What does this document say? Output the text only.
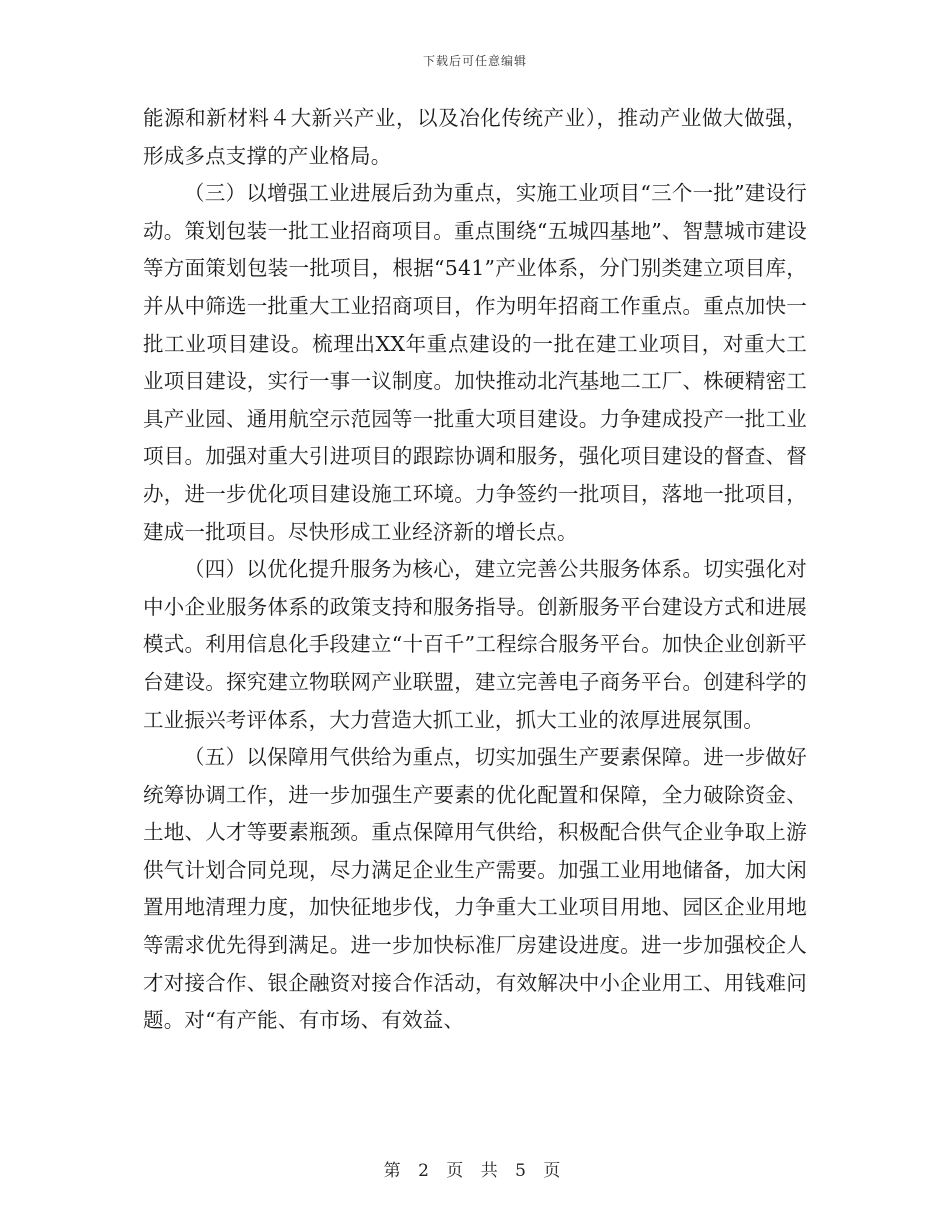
下载后可任意编辑

能源和新材料４大新兴产业，以及冶化传统产业），推动产业做大做强，形成多点支撑的产业格局。

（三）以增强工业进展后劲为重点，实施工业项目“三个一批”建设行动。策划包装一批工业招商项目。重点围绕“五城四基地”、智慧城市建设等方面策划包装一批项目，根据“541”产业体系，分门别类建立项目库，并从中筛选一批重大工业招商项目，作为明年招商工作重点。重点加快一批工业项目建设。梳理出XX年重点建设的一批在建工业项目，对重大工业项目建设，实行一事一议制度。加快推动北汽基地二工厂、株硬精密工具产业园、通用航空示范园等一批重大项目建设。力争建成投产一批工业项目。加强对重大引进项目的跟踪协调和服务，强化项目建设的督查、督办，进一步优化项目建设施工环境。力争签约一批项目，落地一批项目，建成一批项目。尽快形成工业经济新的增长点。

（四）以优化提升服务为核心，建立完善公共服务体系。切实强化对中小企业服务体系的政策支持和服务指导。创新服务平台建设方式和进展模式。利用信息化手段建立“十百千”工程综合服务平台。加快企业创新平台建设。探究建立物联网产业联盟，建立完善电子商务平台。创建科学的工业振兴考评体系，大力营造大抓工业，抓大工业的浓厚进展氛围。

（五）以保障用气供给为重点，切实加强生产要素保障。进一步做好统筹协调工作，进一步加强生产要素的优化配置和保障，全力破除资金、土地、人才等要素瓶颈。重点保障用气供给，积极配合供气企业争取上游供气计划合同兑现，尽力满足企业生产需要。加强工业用地储备，加大闲置用地清理力度，加快征地步伐，力争重大工业项目用地、园区企业用地等需求优先得到满足。进一步加快标准厂房建设进度。进一步加强校企人才对接合作、银企融资对接合作活动，有效解决中小企业用工、用钱难问题。对“有产能、有市场、有效益、

第 2 页 共 5 页
